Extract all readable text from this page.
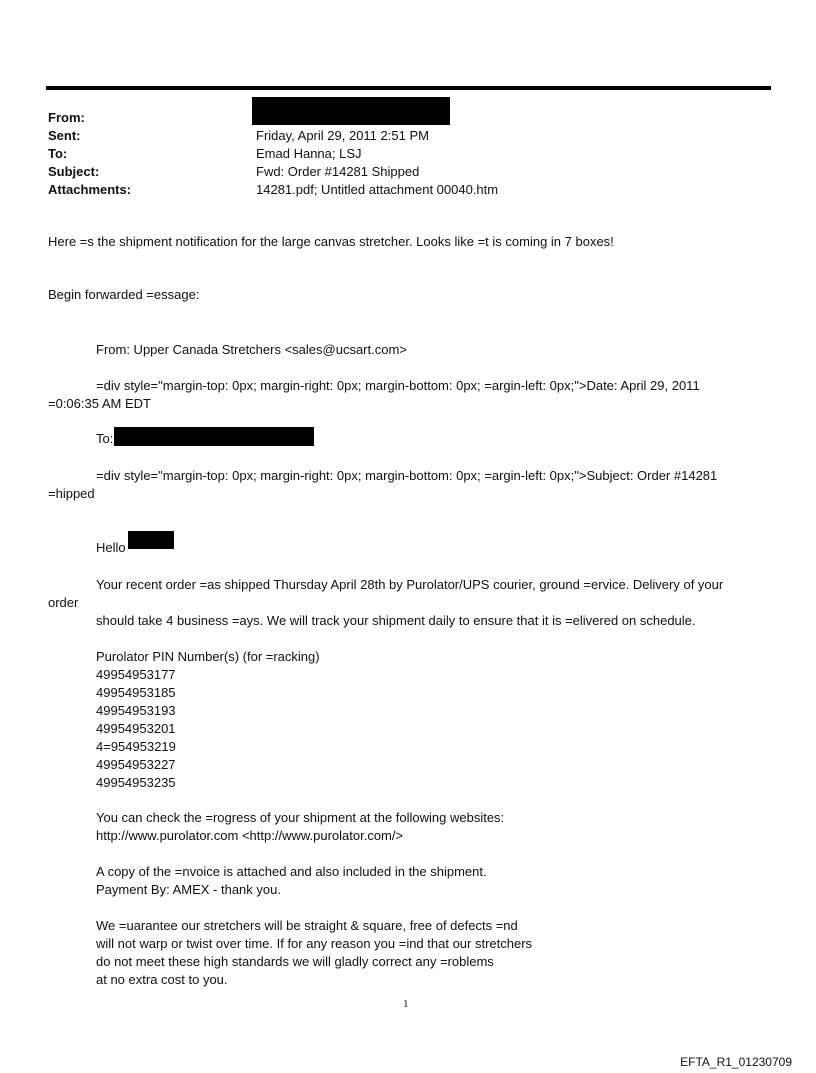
From:
Sent:	Friday, April 29, 2011 2:51 PM
To:	Emad Hanna; LSJ
Subject:	Fwd: Order #14281 Shipped
Attachments:	14281.pdf; Untitled attachment 00040.htm
Here =s the shipment notification for the large canvas stretcher. Looks like =t is coming in 7 boxes!
Begin forwarded =essage:
From: Upper Canada Stretchers <sales@ucsart.com>
=div style="margin-top: 0px; margin-right: 0px; margin-bottom: 0px; =argin-left: 0px;">Date: April 29, 2011
=0:06:35 AM EDT
To:
=div style="margin-top: 0px; margin-right: 0px; margin-bottom: 0px; =argin-left: 0px;">Subject: Order #14281
=hipped
Hello
Your recent order =as shipped Thursday April 28th by Purolator/UPS courier, ground =ervice. Delivery of your
order
should take 4 business =ays. We will track your shipment daily to ensure that it is =elivered on schedule.
Purolator PIN Number(s) (for =racking)
49954953177
49954953185
49954953193
49954953201
4=954953219
49954953227
49954953235
You can check the =rogress of your shipment at the following websites:
http://www.purolator.com <http://www.purolator.com/>
A copy of the =nvoice is attached and also included in the shipment.
Payment By: AMEX - thank you.
We =uarantee our stretchers will be straight & square, free of defects =nd
will not warp or twist over time. If for any reason you =ind that our stretchers
do not meet these high standards we will gladly correct any =roblems
at no extra cost to you.
1
EFTA_R1_01230709
